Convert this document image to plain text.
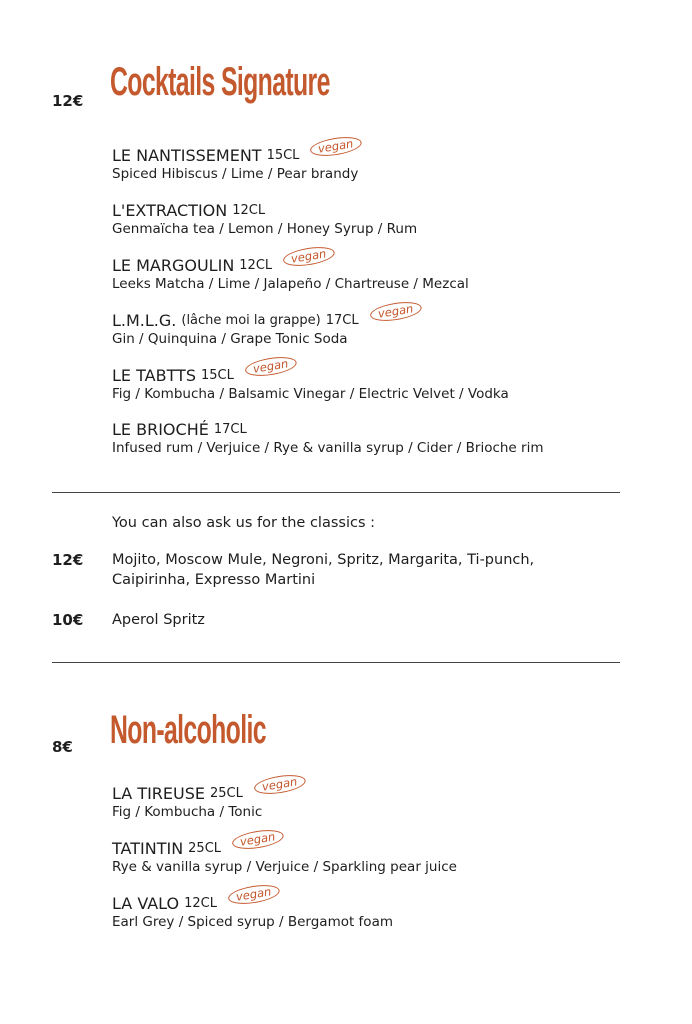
Cocktails Signature
12€
LE NANTISSEMENT 15CL	vegan
Spiced Hibiscus / Lime / Pear brandy
L'EXTRACTION 12CL
Genmaïcha tea / Lemon / Honey Syrup / Rum
LE MARGOULIN 12CL	vegan
Leeks Matcha / Lime / Jalapeño / Chartreuse / Mezcal
L.M.L.G. (lâche moi la grappe) 17CL	vegan
Gin / Quinquina / Grape Tonic Soda
LE TABTTS 15CL	vegan
Fig / Kombucha / Balsamic Vinegar / Electric Velvet / Vodka
LE BRIOCHÉ 17CL
Infused rum / Verjuice / Rye & vanilla syrup / Cider / Brioche rim
You can also ask us for the classics :
12€ Mojito, Moscow Mule, Negroni, Spritz, Margarita, Ti-punch,
Caipirinha, Expresso Martini
10€ Aperol Spritz
Non-alcoholic
8€
LA TIREUSE 25CL	vegan
Fig / Kombucha / Tonic
TATINTIN 25CL	vegan
Rye & vanilla syrup / Verjuice / Sparkling pear juice
LA VALO 12CL	vegan
Earl Grey / Spiced syrup / Bergamot foam
